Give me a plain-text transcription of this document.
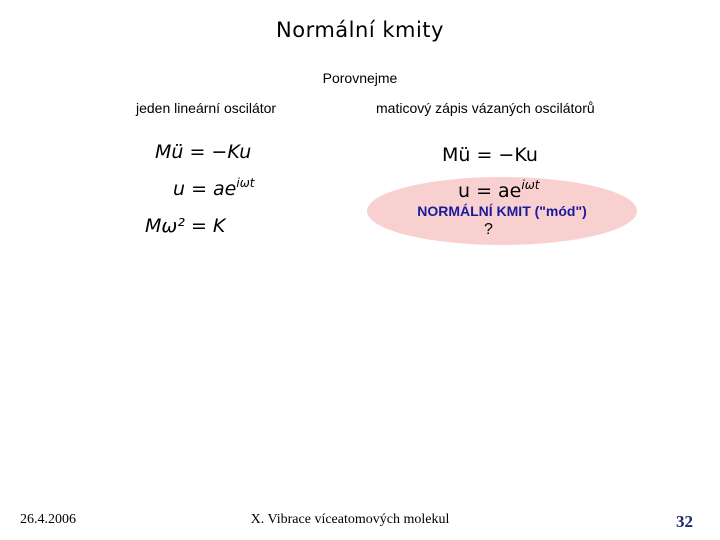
Normální kmity
Porovnejme
jeden lineární oscilátor	maticový zápis vázaných oscilátorů
Mü = −Ku
$u = ae^{i\omega t}$
Mω² = K
Mü = −Ku
$u = ae^{i\omega t}$
NORMÁLNÍ KMIT ("mód")
?
26.4.2006	X. Vibrace víceatomových molekul	32
